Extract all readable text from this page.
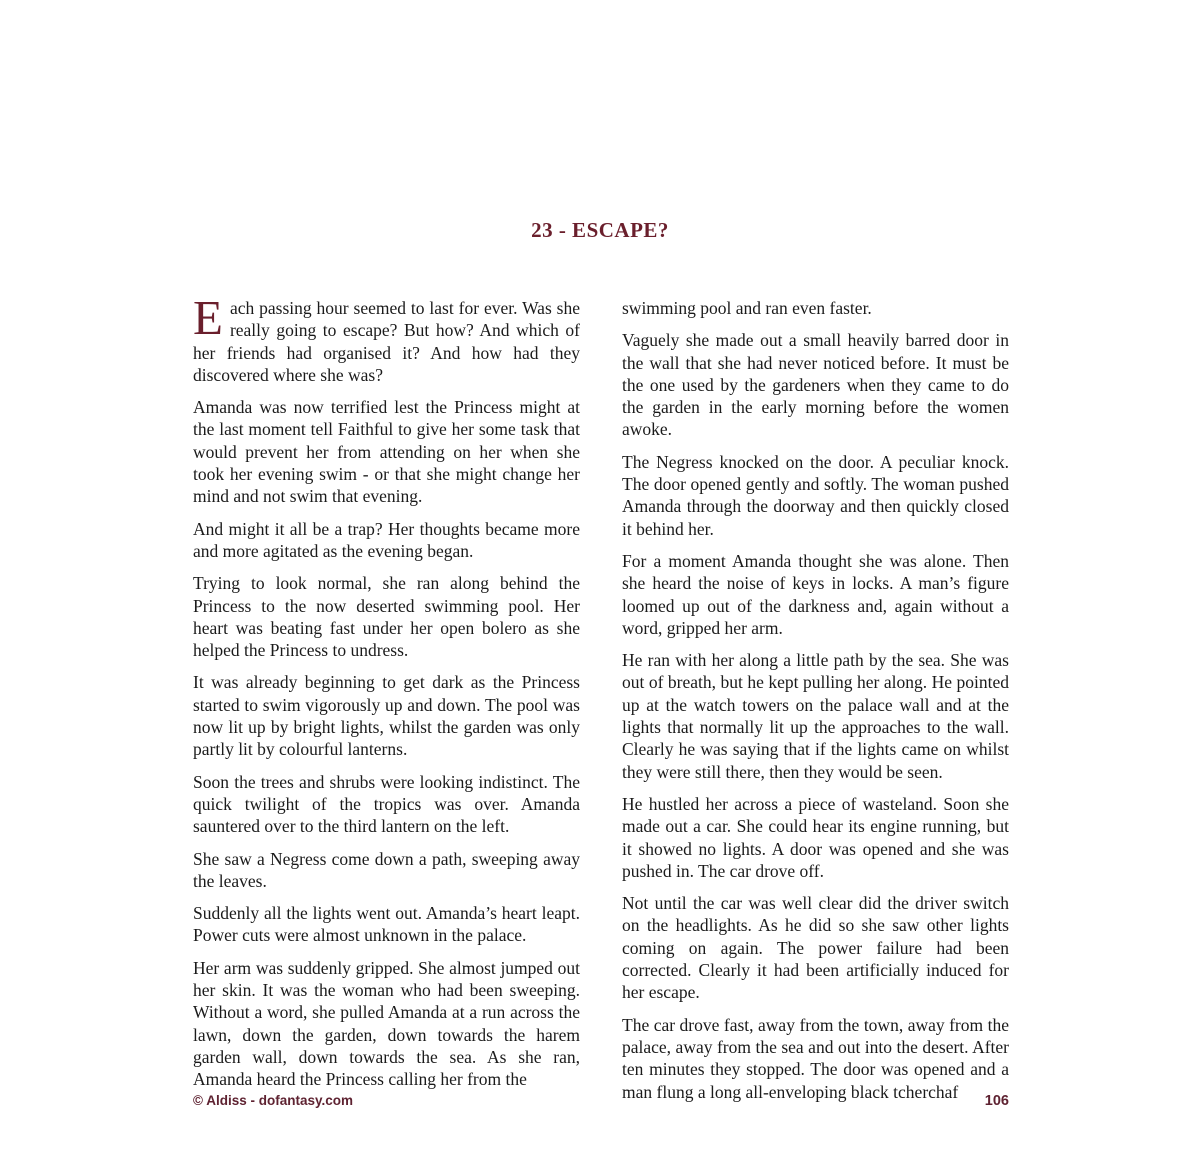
23 - ESCAPE?

Each passing hour seemed to last for ever. Was she really going to escape? But how? And which of her friends had organised it? And how had they discovered where she was?

Amanda was now terrified lest the Princess might at the last moment tell Faithful to give her some task that would prevent her from attending on her when she took her evening swim - or that she might change her mind and not swim that evening.

And might it all be a trap? Her thoughts became more and more agitated as the evening began.

Trying to look normal, she ran along behind the Princess to the now deserted swimming pool. Her heart was beating fast under her open bolero as she helped the Princess to undress.

It was already beginning to get dark as the Princess started to swim vigorously up and down. The pool was now lit up by bright lights, whilst the garden was only partly lit by colourful lanterns.

Soon the trees and shrubs were looking indistinct. The quick twilight of the tropics was over. Amanda sauntered over to the third lantern on the left.

She saw a Negress come down a path, sweeping away the leaves.

Suddenly all the lights went out. Amanda’s heart leapt. Power cuts were almost unknown in the palace.

Her arm was suddenly gripped. She almost jumped out her skin. It was the woman who had been sweeping. Without a word, she pulled Amanda at a run across the lawn, down the garden, down towards the harem garden wall, down towards the sea. As she ran, Amanda heard the Princess calling her from the

swimming pool and ran even faster.

Vaguely she made out a small heavily barred door in the wall that she had never noticed before. It must be the one used by the gardeners when they came to do the garden in the early morning before the women awoke.

The Negress knocked on the door. A peculiar knock. The door opened gently and softly. The woman pushed Amanda through the doorway and then quickly closed it behind her.

For a moment Amanda thought she was alone. Then she heard the noise of keys in locks. A man’s figure loomed up out of the darkness and, again without a word, gripped her arm.

He ran with her along a little path by the sea. She was out of breath, but he kept pulling her along. He pointed up at the watch towers on the palace wall and at the lights that normally lit up the approaches to the wall. Clearly he was saying that if the lights came on whilst they were still there, then they would be seen.

He hustled her across a piece of wasteland. Soon she made out a car. She could hear its engine running, but it showed no lights. A door was opened and she was pushed in. The car drove off.

Not until the car was well clear did the driver switch on the headlights. As he did so she saw other lights coming on again. The power failure had been corrected. Clearly it had been artificially induced for her escape.

The car drove fast, away from the town, away from the palace, away from the sea and out into the desert. After ten minutes they stopped. The door was opened and a man flung a long all-enveloping black tcherchaf

© Aldiss - dofantasy.com	106
